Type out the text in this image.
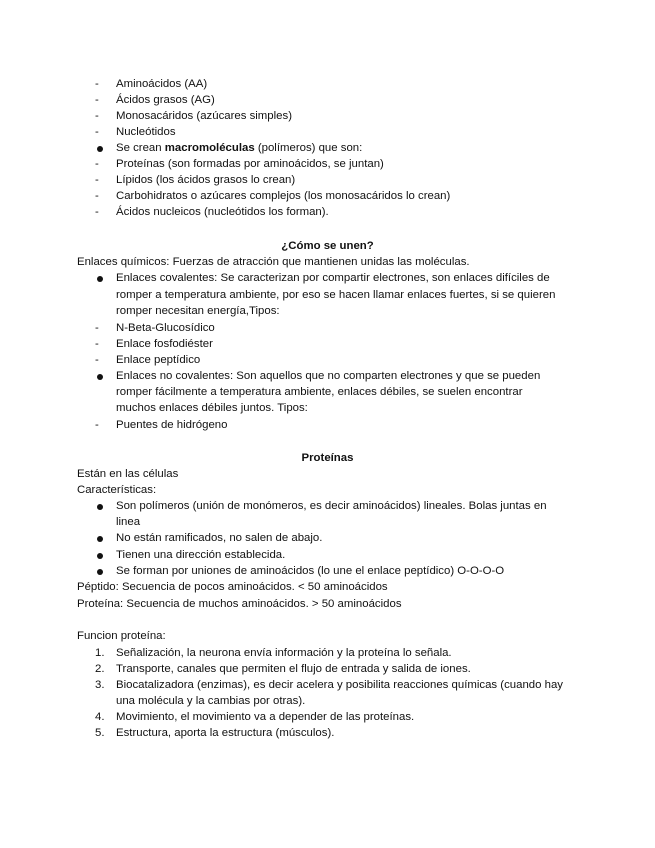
-	Aminoácidos (AA)
-	Ácidos grasos (AG)
-	Monosacáridos (azúcares simples)
-	Nucleótidos
Se crean macromoléculas (polímeros) que son:
-	Proteínas (son formadas por aminoácidos, se juntan)
-	Lípidos (los ácidos grasos lo crean)
-	Carbohidratos o azúcares complejos (los monosacáridos lo crean)
-	Ácidos nucleicos (nucleótidos los forman).
¿Cómo se unen?
Enlaces químicos: Fuerzas de atracción que mantienen unidas las moléculas.
Enlaces covalentes: Se caracterizan por compartir electrones, son enlaces difíciles de
romper a temperatura ambiente, por eso se hacen llamar enlaces fuertes, si se quieren
romper necesitan energía,Tipos:
-	N-Beta-Glucosídico
-	Enlace fosfodiéster
-	Enlace peptídico
Enlaces no covalentes: Son aquellos que no comparten electrones y que se pueden
romper fácilmente a temperatura ambiente, enlaces débiles, se suelen encontrar
muchos enlaces débiles juntos. Tipos:
-	Puentes de hidrógeno
Proteínas
Están en las células
Características:
Son polímeros (unión de monómeros, es decir aminoácidos) lineales. Bolas juntas en
linea
No están ramificados, no salen de abajo.
Tienen una dirección establecida.
Se forman por uniones de aminoácidos (lo une el enlace peptídico) O-O-O-O
Péptido: Secuencia de pocos aminoácidos. < 50 aminoácidos
Proteína: Secuencia de muchos aminoácidos. > 50 aminoácidos
Funcion proteína:
1.	Señalización, la neurona envía información y la proteína lo señala.
2.	Transporte, canales que permiten el flujo de entrada y salida de iones.
3.	Biocatalizadora (enzimas), es decir acelera y posibilita reacciones químicas (cuando hay
una molécula y la cambias por otras).
4.	Movimiento, el movimiento va a depender de las proteínas.
5.	Estructura, aporta la estructura (músculos).
